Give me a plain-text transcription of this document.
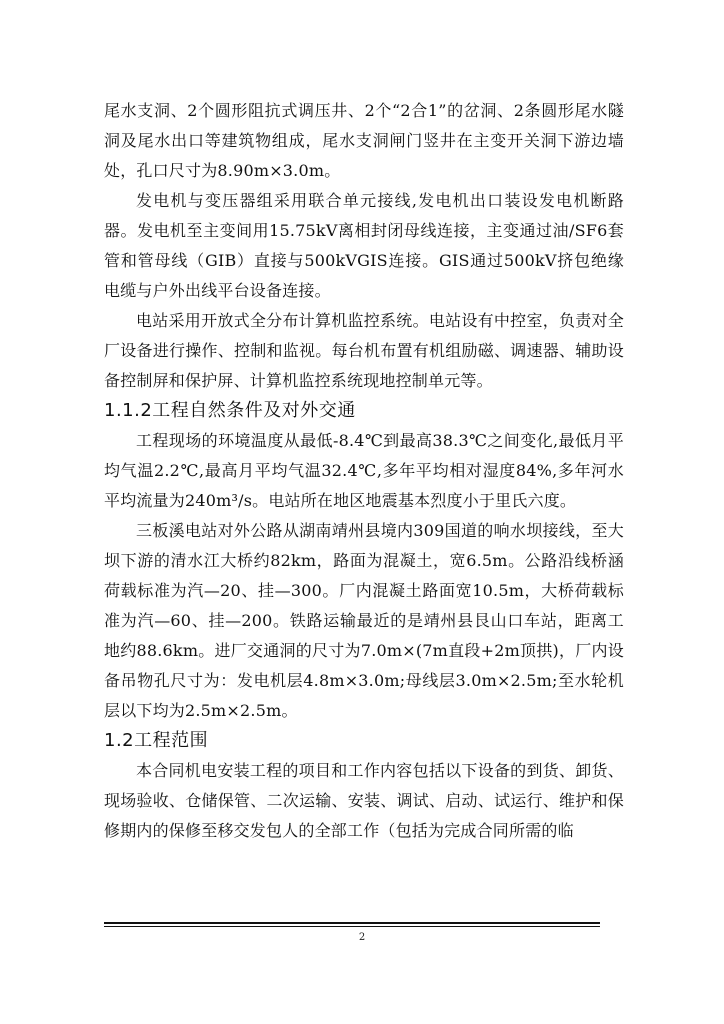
尾水支洞、2个圆形阻抗式调压井、2个“2合1”的岔洞、2条圆形尾水隧洞及尾水出口等建筑物组成，尾水支洞闸门竖井在主变开关洞下游边墙处，孔口尺寸为8.90m×3.0m。

发电机与变压器组采用联合单元接线,发电机出口装设发电机断路器。发电机至主变间用15.75kV离相封闭母线连接，主变通过油/SF6套管和管母线（GIB）直接与500kVGIS连接。GIS通过500kV挤包绝缘电缆与户外出线平台设备连接。

电站采用开放式全分布计算机监控系统。电站设有中控室，负责对全厂设备进行操作、控制和监视。每台机布置有机组励磁、调速器、辅助设备控制屏和保护屏、计算机监控系统现地控制单元等。

1.1.2工程自然条件及对外交通

工程现场的环境温度从最低-8.4℃到最高38.3℃之间变化,最低月平均气温2.2℃,最高月平均气温32.4℃,多年平均相对湿度84%,多年河水平均流量为240m³/s。电站所在地区地震基本烈度小于里氏六度。

三板溪电站对外公路从湖南靖州县境内309国道的响水坝接线，至大坝下游的清水江大桥约82km，路面为混凝土，宽6.5m。公路沿线桥涵荷载标准为汽—20、挂—300。厂内混凝土路面宽10.5m，大桥荷载标准为汽—60、挂—200。铁路运输最近的是靖州县艮山口车站，距离工地约88.6km。进厂交通洞的尺寸为7.0m×(7m直段+2m顶拱)，厂内设备吊物孔尺寸为：发电机层4.8m×3.0m;母线层3.0m×2.5m;至水轮机层以下均为2.5m×2.5m。

1.2工程范围

本合同机电安装工程的项目和工作内容包括以下设备的到货、卸货、现场验收、仓储保管、二次运输、安装、调试、启动、试运行、维护和保修期内的保修至移交发包人的全部工作（包括为完成合同所需的临

2
